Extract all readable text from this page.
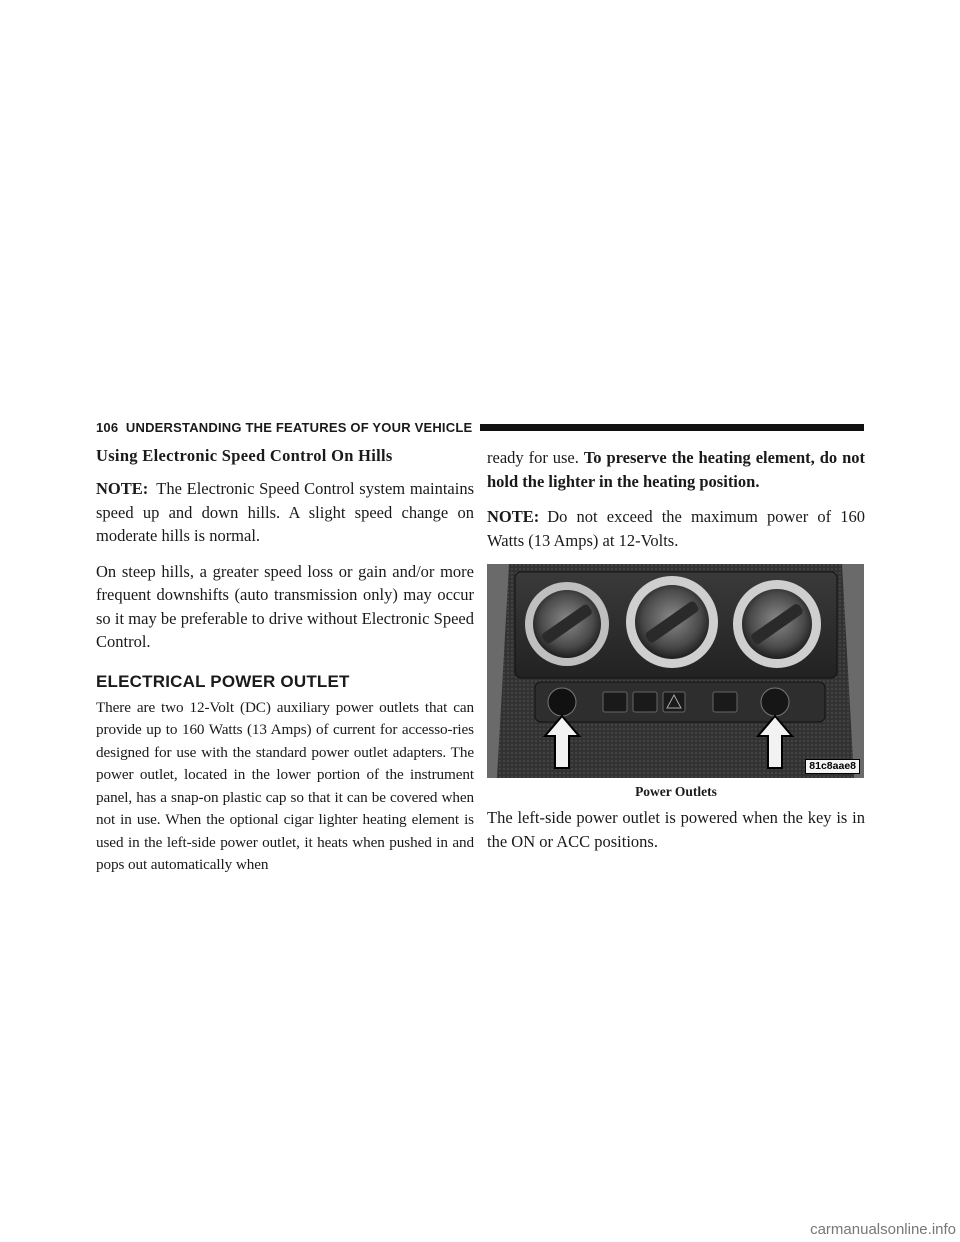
106 UNDERSTANDING THE FEATURES OF YOUR VEHICLE
Using Electronic Speed Control On Hills

NOTE: The Electronic Speed Control system maintains speed up and down hills. A slight speed change on moderate hills is normal.

On steep hills, a greater speed loss or gain and/or more frequent downshifts (auto transmission only) may occur so it may be preferable to drive without Electronic Speed Control.

ELECTRICAL POWER OUTLET

There are two 12-Volt (DC) auxiliary power outlets that can provide up to 160 Watts (13 Amps) of current for accesso-ries designed for use with the standard power outlet adapters. The power outlet, located in the lower portion of the instrument panel, has a snap-on plastic cap so that it can be covered when not in use. When the optional cigar lighter heating element is used in the left-side power outlet, it heats when pushed in and pops out automatically when

ready for use. To preserve the heating element, do not hold the lighter in the heating position.

NOTE: Do not exceed the maximum power of 160 Watts (13 Amps) at 12-Volts.

81c8aae8
Power Outlets

The left-side power outlet is powered when the key is in the ON or ACC positions.

carmanualsonline.info
